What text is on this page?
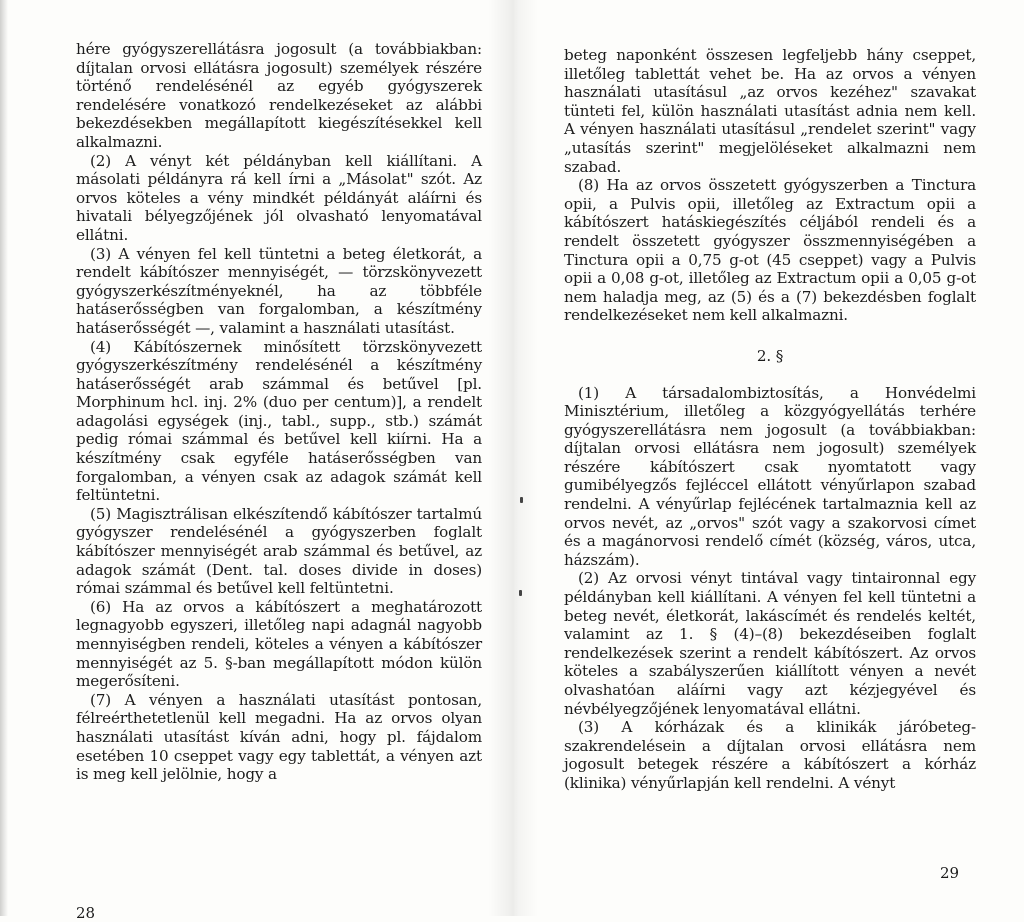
hére gyógyszerellátásra jogosult (a továbbiakban: díjtalan orvosi ellátásra jogosult) személyek részére történő rendelésénél az egyéb gyógyszerek rendelésére vonatkozó rendelkezéseket az alábbi bekezdésekben megállapított kiegészítésekkel kell alkalmazni.

(2) A vényt két példányban kell kiállítani. A másolati példányra rá kell írni a „Másolat" szót. Az orvos köteles a vény mindkét példányát aláírni és hivatali bélyegzőjének jól olvasható lenyomatával ellátni.

(3) A vényen fel kell tüntetni a beteg életkorát, a rendelt kábítószer mennyiségét, — törzskönyvezett gyógyszerkészítményeknél, ha az többféle hatáserősségben van forgalomban, a készítmény hatáserősségét —, valamint a használati utasítást.

(4) Kábítószernek minősített törzskönyvezett gyógyszerkészítmény rendelésénél a készítmény hatáserősségét arab számmal és betűvel [pl. Morphinum hcl. inj. 2% (duo per centum)], a rendelt adagolási egységek (inj., tabl., supp., stb.) számát pedig római számmal és betűvel kell kiírni. Ha a készítmény csak egyféle hatáserősségben van forgalomban, a vényen csak az adagok számát kell feltüntetni.

(5) Magisztrálisan elkészítendő kábítószer tartalmú gyógyszer rendelésénél a gyógyszerben foglalt kábítószer mennyiségét arab számmal és betűvel, az adagok számát (Dent. tal. doses divide in doses) római számmal és betűvel kell feltüntetni.

(6) Ha az orvos a kábítószert a meghatározott legnagyobb egyszeri, illetőleg napi adagnál nagyobb mennyiségben rendeli, köteles a vényen a kábítószer mennyiségét az 5. §-ban megállapított módon külön megerősíteni.

(7) A vényen a használati utasítást pontosan, félreérthetetlenül kell megadni. Ha az orvos olyan használati utasítást kíván adni, hogy pl. fájdalom esetében 10 cseppet vagy egy tablettát, a vényen azt is meg kell jelölnie, hogy a

28

beteg naponként összesen legfeljebb hány cseppet, illetőleg tablettát vehet be. Ha az orvos a vényen használati utasításul „az orvos kezéhez" szavakat tünteti fel, külön használati utasítást adnia nem kell. A vényen használati utasításul „rendelet szerint" vagy „utasítás szerint" megjelöléseket alkalmazni nem szabad.

(8) Ha az orvos összetett gyógyszerben a Tinctura opii, a Pulvis opii, illetőleg az Extractum opii a kábítószert hatáskiegészítés céljából rendeli és a rendelt összetett gyógyszer összmennyiségében a Tinctura opii a 0,75 g-ot (45 cseppet) vagy a Pulvis opii a 0,08 g-ot, illetőleg az Extractum opii a 0,05 g-ot nem haladja meg, az (5) és a (7) bekezdésben foglalt rendelkezéseket nem kell alkalmazni.

2. §

(1) A társadalombiztosítás, a Honvédelmi Minisztérium, illetőleg a közgyógyellátás terhére gyógyszerellátásra nem jogosult (a továbbiakban: díjtalan orvosi ellátásra nem jogosult) személyek részére kábítószert csak nyomtatott vagy gumibélyegzős fejléccel ellátott vényűrlapon szabad rendelni. A vényűrlap fejlécének tartalmaznia kell az orvos nevét, az „orvos" szót vagy a szakorvosi címet és a magánorvosi rendelő címét (község, város, utca, házszám).

(2) Az orvosi vényt tintával vagy tintaironnal egy példányban kell kiállítani. A vényen fel kell tüntetni a beteg nevét, életkorát, lakáscímét és rendelés keltét, valamint az 1. § (4)–(8) bekezdéseiben foglalt rendelkezések szerint a rendelt kábítószert. Az orvos köteles a szabályszerűen kiállított vényen a nevét olvashatóan aláírni vagy azt kézjegyével és névbélyegzőjének lenyomatával ellátni.

(3) A kórházak és a klinikák járóbeteg-szakrendelésein a díjtalan orvosi ellátásra nem jogosult betegek részére a kábítószert a kórház (klinika) vényűrlapján kell rendelni. A vényt

29
